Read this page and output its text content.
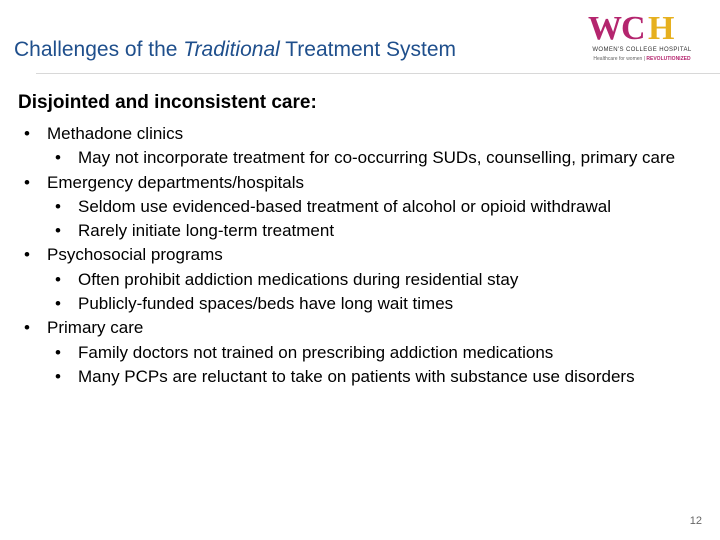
Challenges of the Traditional Treatment System
WC H
WOMEN'S COLLEGE HOSPITAL
Healthcare for women | REVOLUTIONIZED
Disjointed and inconsistent care:
• Methadone clinics
• May not incorporate treatment for co-occurring SUDs, counselling, primary care
• Emergency departments/hospitals
• Seldom use evidenced-based treatment of alcohol or opioid withdrawal
• Rarely initiate long-term treatment
• Psychosocial programs
• Often prohibit addiction medications during residential stay
• Publicly-funded spaces/beds have long wait times
• Primary care
• Family doctors not trained on prescribing addiction medications
• Many PCPs are reluctant to take on patients with substance use disorders
12
